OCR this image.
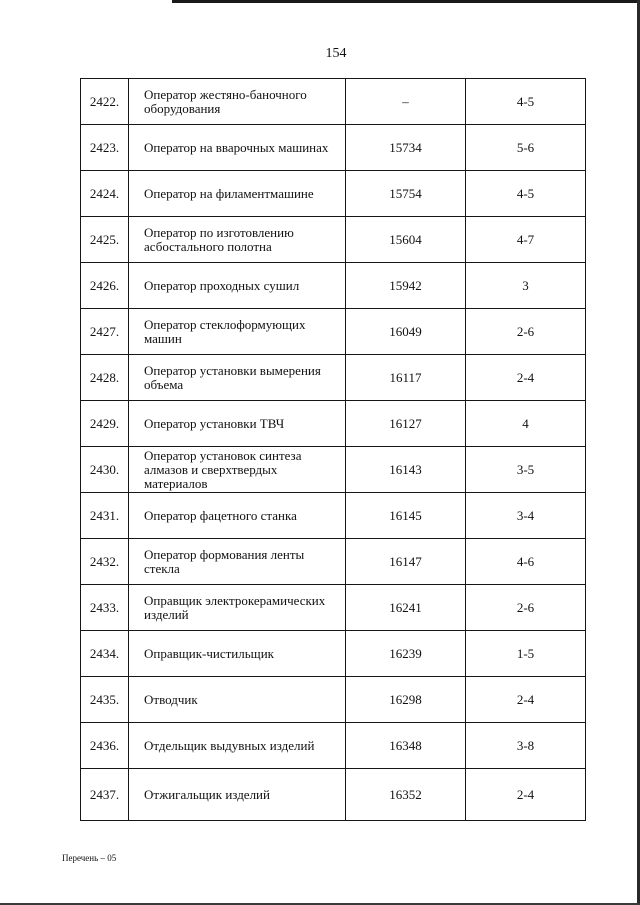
154
2422.	Оператор жестяно-баночного
оборудования	–	4-5
2423.	Оператор на вварочных машинах	15734	5-6
2424.	Оператор на филаментмашине	15754	4-5
2425.	Оператор по изготовлению
асбостального полотна	15604	4-7
2426.	Оператор проходных сушил	15942	3
2427.	Оператор стеклоформующих
машин	16049	2-6
2428.	Оператор установки вымерения
объема	16117	2-4
2429.	Оператор установки ТВЧ	16127	4
2430.	Оператор установок синтеза
алмазов и сверхтвердых
материалов	16143	3-5
2431.	Оператор фацетного станка	16145	3-4
2432.	Оператор формования ленты
стекла	16147	4-6
2433.	Оправщик электрокерамических
изделий	16241	2-6
2434.	Оправщик-чистильщик	16239	1-5
2435.	Отводчик	16298	2-4
2436.	Отдельщик выдувных изделий	16348	3-8
2437.	Отжигальщик изделий	16352	2-4
Перечень – 05
